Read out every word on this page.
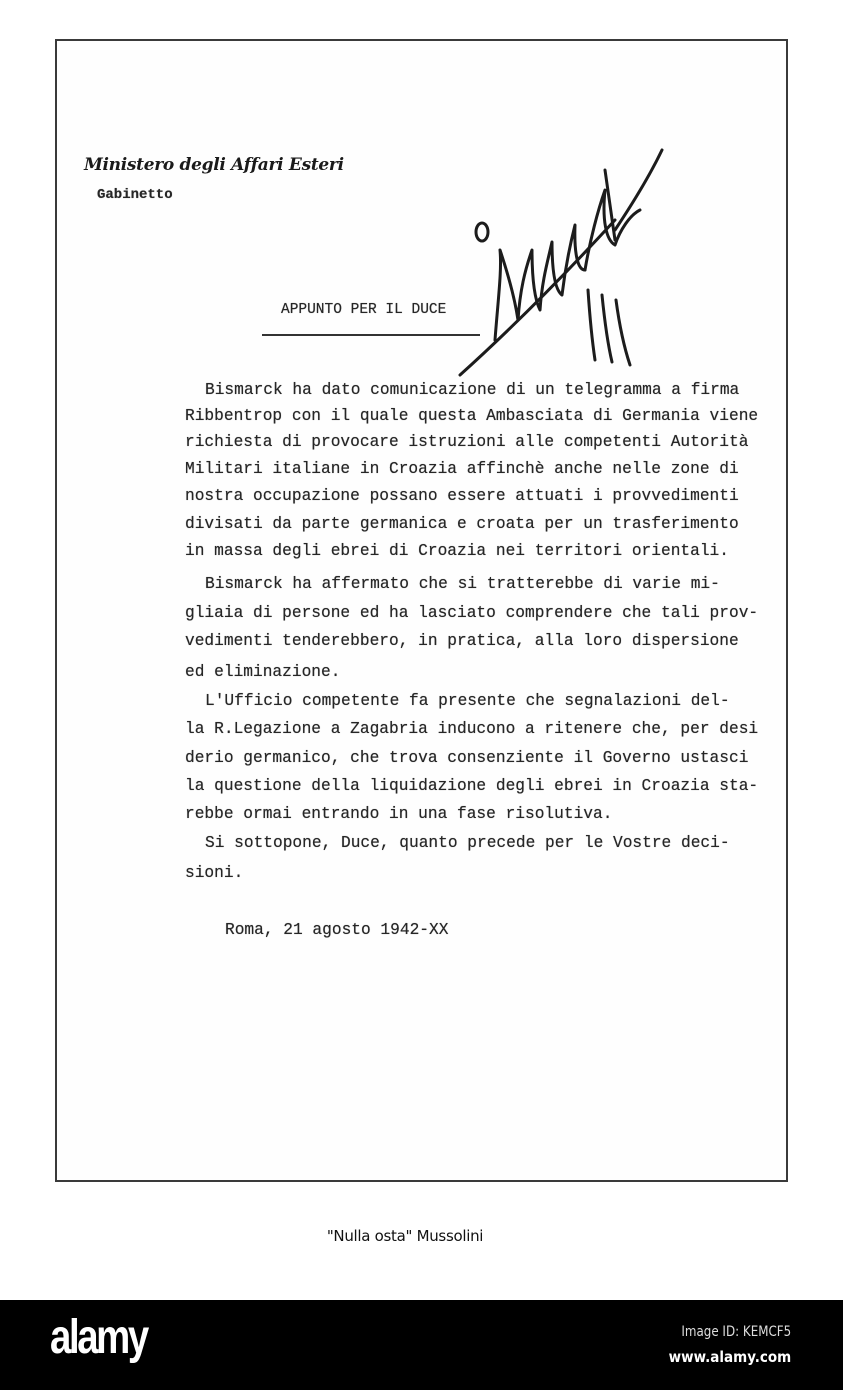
Ministero degli Affari Esteri
Gabinetto
APPUNTO PER IL DUCE
Bismarck ha dato comunicazione di un telegramma a firma
Ribbentrop con il quale questa Ambasciata di Germania viene
richiesta di provocare istruzioni alle competenti Autorità
Militari italiane in Croazia affinchè anche nelle zone di
nostra occupazione possano essere attuati i provvedimenti
divisati da parte germanica e croata per un trasferimento
in massa degli ebrei di Croazia nei territori orientali.
Bismarck ha affermato che si tratterebbe di varie mi-
gliaia di persone ed ha lasciato comprendere che tali prov-
vedimenti tenderebbero, in pratica, alla loro dispersione
ed eliminazione.
L'Ufficio competente fa presente che segnalazioni del-
la R.Legazione a Zagabria inducono a ritenere che, per desi
derio germanico, che trova consenziente il Governo ustasci
la questione della liquidazione degli ebrei in Croazia sta-
rebbe ormai entrando in una fase risolutiva.
Si sottopone, Duce, quanto precede per le Vostre deci-
sioni.
Roma, 21 agosto 1942-XX
"Nulla osta" Mussolini
alamy	Image ID: KEMCF5
www.alamy.com
